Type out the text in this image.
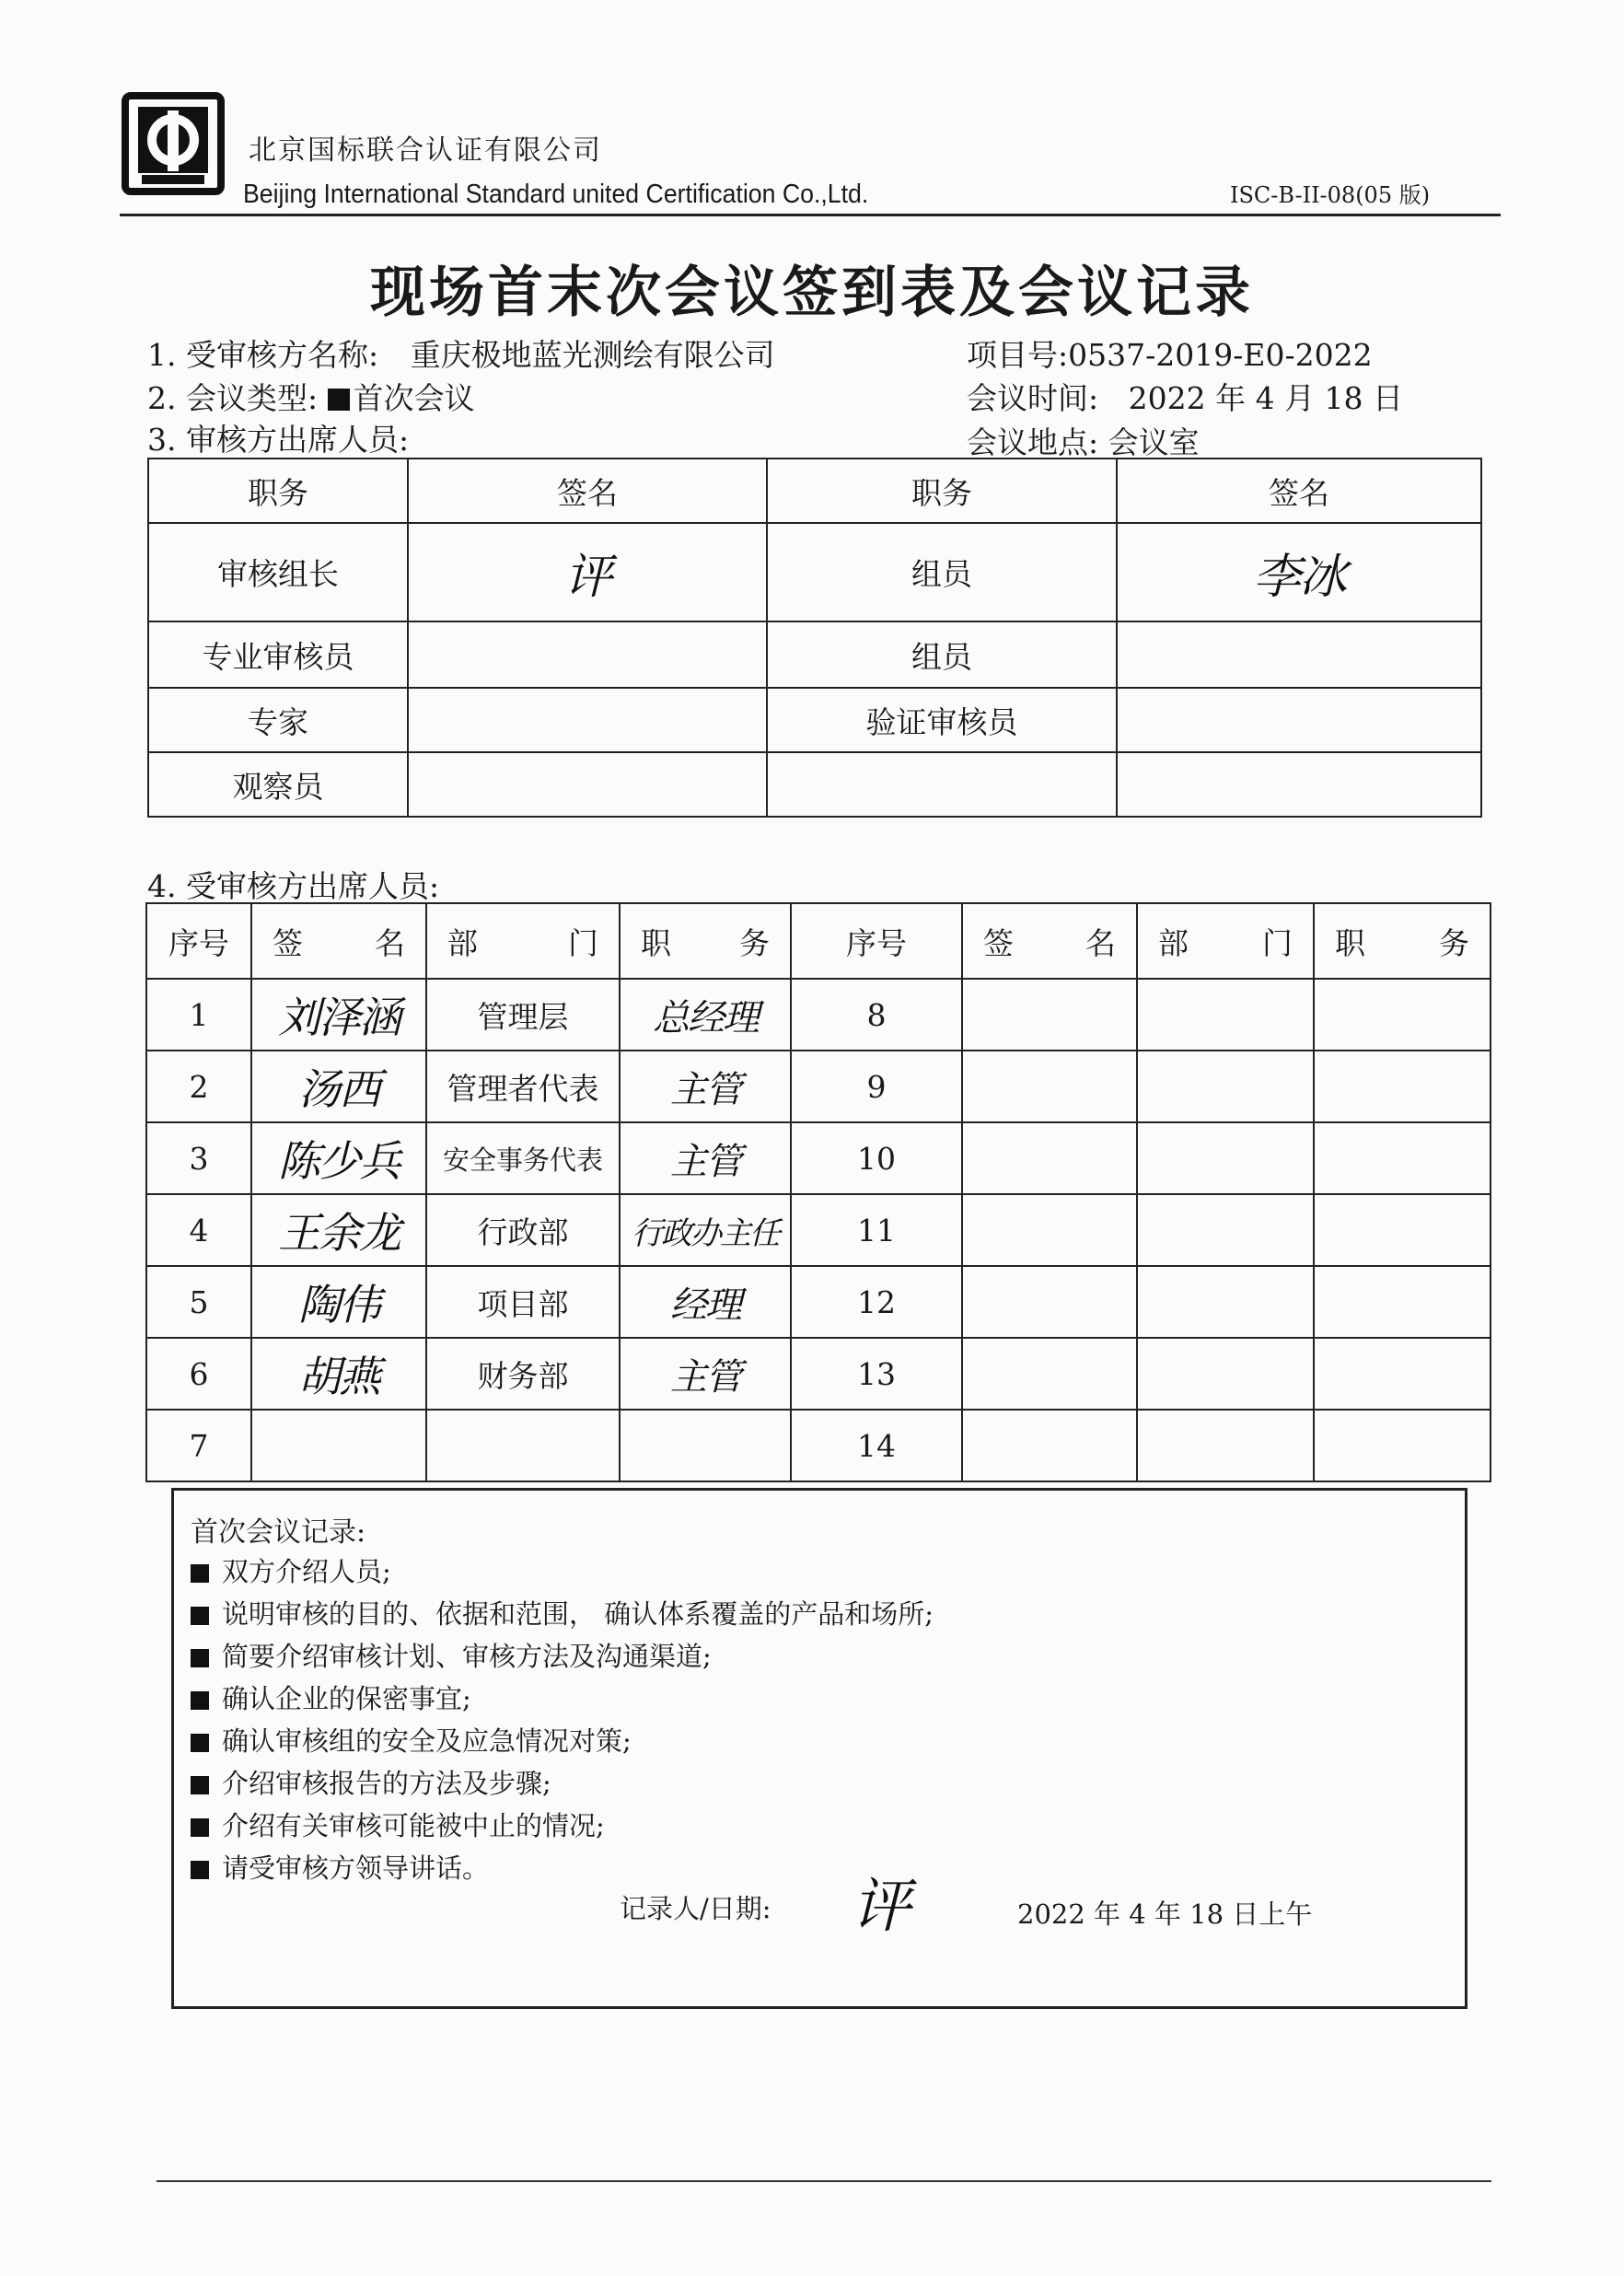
北京国标联合认证有限公司
Beijing International Standard united Certification Co.,Ltd.	ISC-B-II-08(05 版)
现场首末次会议签到表及会议记录
1. 受审核方名称: 重庆极地蓝光测绘有限公司	项目号:0537-2019-E0-2022
2. 会议类型: 首次会议	会议时间: 2022 年 4 月 18 日
3. 审核方出席人员:	会议地点: 会议室
职务	签名	职务	签名
审核组长	评	组员	李冰
专业审核员		组员	
专家		验证审核员	
观察员			
4. 受审核方出席人员:
序号	签 名	部 门	职 务	序号	签 名	部 门	职 务

1	刘泽涵	管理层	总经理	8			
2	汤西	管理者代表	主管	9			
3	陈少兵	安全事务代表	主管	10			
4	王余龙	行政部	行政办主任	11			
5	陶伟	项目部	经理	12			
6	胡燕	财务部	主管	13			
7				14			
首次会议记录:
双方介绍人员;
说明审核的目的、依据和范围， 确认体系覆盖的产品和场所;
简要介绍审核计划、审核方法及沟通渠道;
确认企业的保密事宜;
确认审核组的安全及应急情况对策;
介绍审核报告的方法及步骤;
介绍有关审核可能被中止的情况;
请受审核方领导讲话。
记录人/日期: 评	2022 年 4 年 18 日上午
